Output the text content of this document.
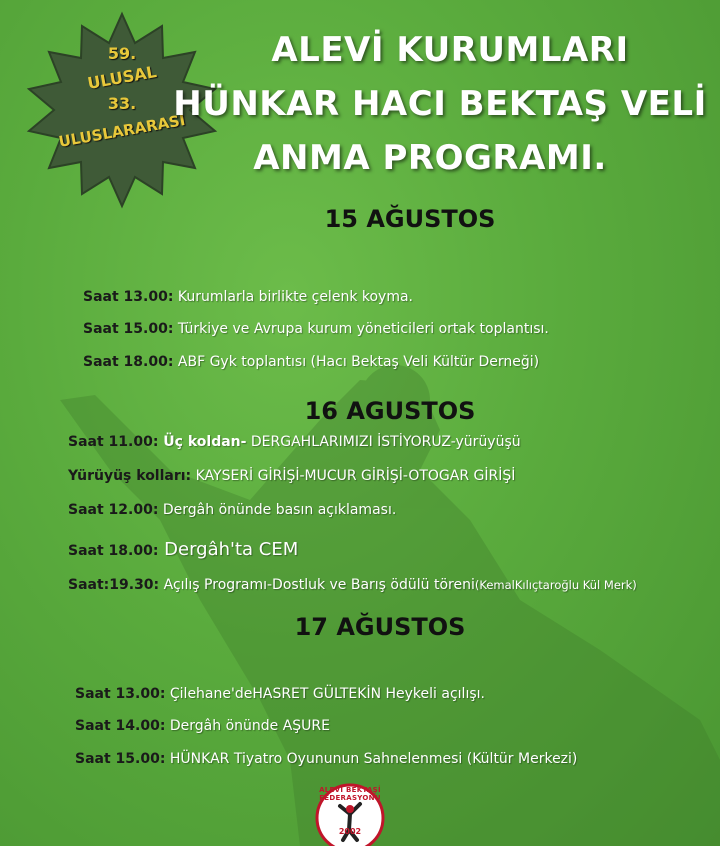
59.
ULUSAL
33.
ULUSLARARASI
ALEVİ KURUMLARI
HÜNKAR HACI BEKTAŞ VELİ
ANMA PROGRAMI.
15 AĞUSTOS
Saat 13.00: Kurumlarla birlikte çelenk koyma.
Saat 15.00: Türkiye ve Avrupa kurum yöneticileri ortak toplantısı.
Saat 18.00: ABF Gyk toplantısı (Hacı Bektaş Veli Kültür Derneği)
16 AGUSTOS
Saat 11.00: Üç koldan- DERGAHLARIMIZI İSTİYORUZ-yürüyüşü
Yürüyüş kolları: KAYSERİ GİRİŞİ-MUCUR GİRİŞİ-OTOGAR GİRİŞİ
Saat 12.00: Dergâh önünde basın açıklaması.
Saat 18.00: Dergâh'ta CEM
Saat:19.30: Açılış Programı-Dostluk ve Barış ödülü töreni(KemalKılıçtaroğlu Kül Merk)
17 AĞUSTOS
Saat 13.00: Çilehane'deHASRET GÜLTEKİN Heykeli açılışı.
Saat 14.00: Dergâh önünde AŞURE
Saat 15.00: HÜNKAR Tiyatro Oyununun Sahnelenmesi (Kültür Merkezi)
ALEVİ BEKTAŞİ FEDERASYONU
2002
